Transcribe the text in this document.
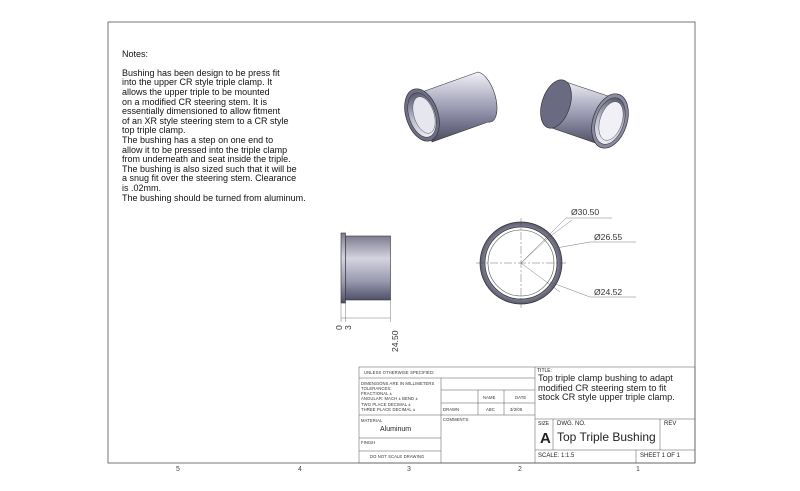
Notes:

Bushing has been design to be press fit
into the upper CR style triple clamp. It
allows the upper triple to be mounted
on a modified CR steering stem. It is
essentially dimensioned to allow fitment
of an XR style steering stem to a CR style
top triple clamp.
The bushing has a step on one end to
allow it to be pressed into the triple clamp
from underneath and seat inside the triple.
The bushing is also sized such that it will be
a snug fit over the steering stem. Clearance
is .02mm.
The bushing should be turned from aluminum.

Ø30.50
Ø26.55
Ø24.52
0 3
24.50
5	4	3	2	1
UNLESS OTHERWISE SPECIFIED:
DIMENSIONS ARE IN MILLIMETERS
TOLERANCES:
FRACTIONAL ±
ANGULAR: MACH ± BEND ±
TWO PLACE DECIMAL ±
THREE PLACE DECIMAL ±
MATERIAL
Aluminum
FINISH
DO NOT SCALE DRAWING
NAME	DATE
DRAWN	ABC	3/3/08
COMMENTS:
TITLE:
Top triple clamp bushing to adapt
modified CR steering stem to fit
stock CR style upper triple clamp.
SIZE
A
DWG. NO.
Top Triple Bushing
REV
SCALE: 1:1.5	SHEET 1 OF 1
